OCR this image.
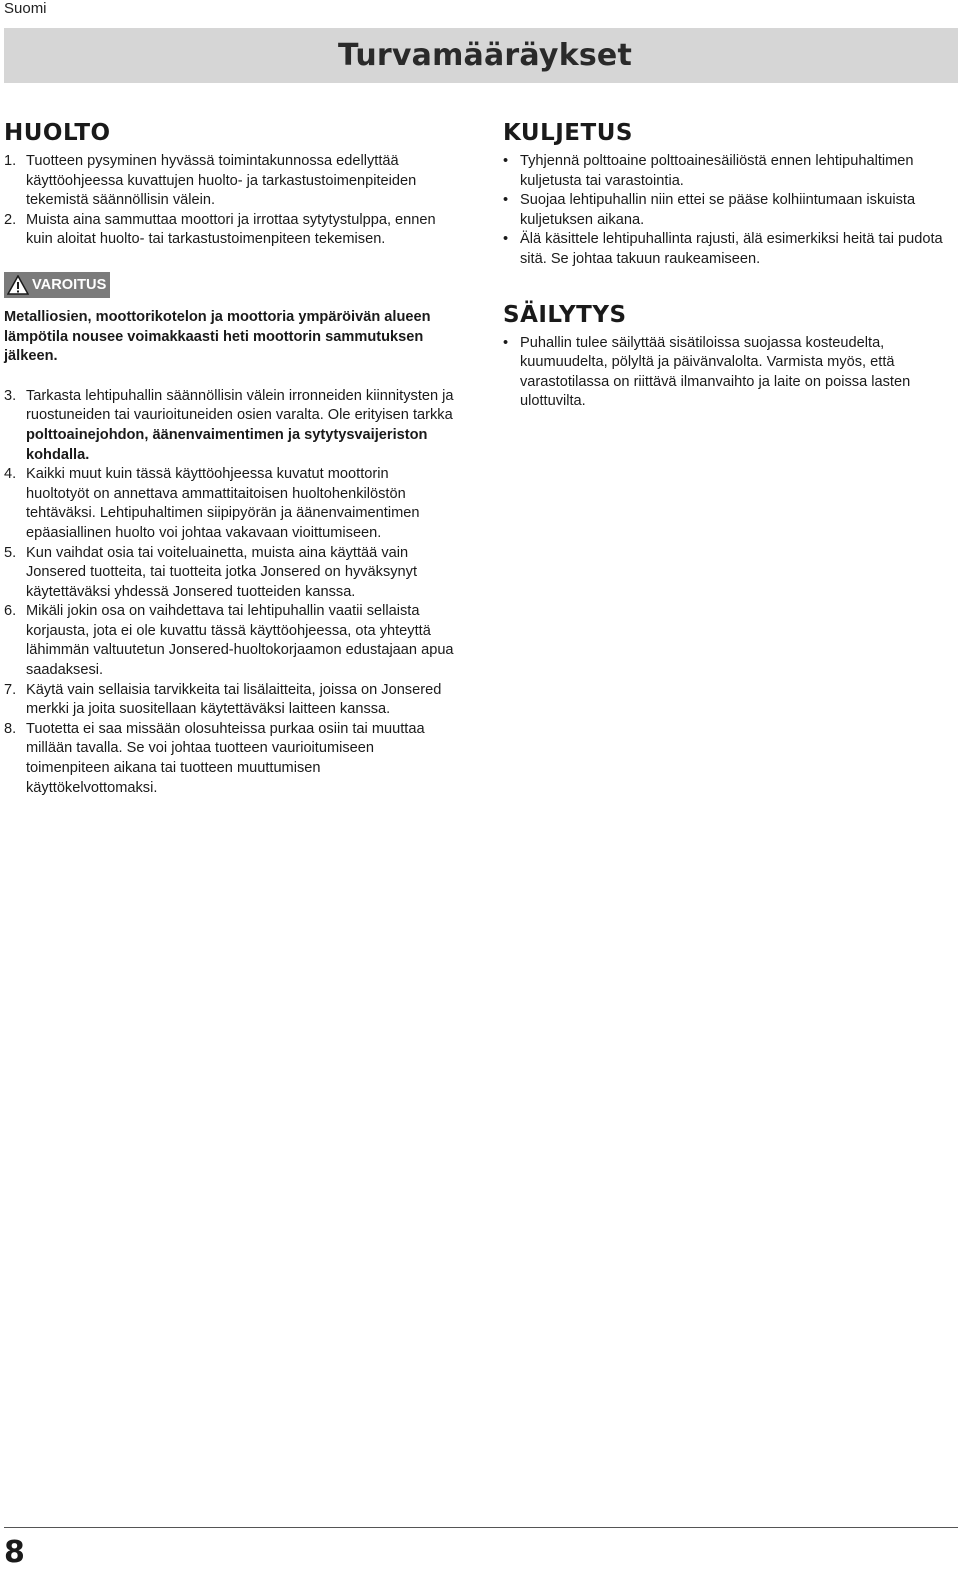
Suomi
Turvamääräykset
HUOLTO
1. Tuotteen pysyminen hyvässä toimintakunnossa edellyttää käyttöohjeessa kuvattujen huolto- ja tarkastustoimenpiteiden tekemistä säännöllisin välein.
2. Muista aina sammuttaa moottori ja irrottaa sytytystulppa, ennen kuin aloitat huolto- tai tarkastustoimenpiteen tekemisen.
VAROITUS

Metalliosien, moottorikotelon ja moottoria ympäröivän alueen lämpötila nousee voimakkaasti heti moottorin sammutuksen jälkeen.

3. Tarkasta lehtipuhallin säännöllisin välein irronneiden kiinnitysten ja ruostuneiden tai vaurioituneiden osien varalta. Ole erityisen tarkka polttoainejohdon, äänenvaimentimen ja sytytysvaijeriston kohdalla.
4. Kaikki muut kuin tässä käyttöohjeessa kuvatut moottorin huoltotyöt on annettava ammattitaitoisen huoltohenkilöstön tehtäväksi. Lehtipuhaltimen siipipyörän ja äänenvaimentimen epäasiallinen huolto voi johtaa vakavaan vioittumiseen.
5. Kun vaihdat osia tai voiteluainetta, muista aina käyttää vain Jonsered tuotteita, tai tuotteita jotka Jonsered on hyväksynyt käytettäväksi yhdessä Jonsered tuotteiden kanssa.
6. Mikäli jokin osa on vaihdettava tai lehtipuhallin vaatii sellaista korjausta, jota ei ole kuvattu tässä käyttöohjeessa, ota yhteyttä lähimmän valtuutetun Jonsered-huoltokorjaamon edustajaan apua saadaksesi.
7. Käytä vain sellaisia tarvikkeita tai lisälaitteita, joissa on Jonsered merkki ja joita suositellaan käytettäväksi laitteen kanssa.
8. Tuotetta ei saa missään olosuhteissa purkaa osiin tai muuttaa millään tavalla. Se voi johtaa tuotteen vaurioitumiseen toimenpiteen aikana tai tuotteen muuttumisen käyttökelvottomaksi.
KULJETUS
• Tyhjennä polttoaine polttoainesäiliöstä ennen lehtipuhaltimen kuljetusta tai varastointia.
• Suojaa lehtipuhallin niin ettei se pääse kolhiintumaan iskuista kuljetuksen aikana.
• Älä käsittele lehtipuhallinta rajusti, älä esimerkiksi heitä tai pudota sitä. Se johtaa takuun raukeamiseen.
SÄILYTYS
• Puhallin tulee säilyttää sisätiloissa suojassa kosteudelta, kuumuudelta, pölyltä ja päivänvalolta. Varmista myös, että varastotilassa on riittävä ilmanvaihto ja laite on poissa lasten ulottuvilta.
8
